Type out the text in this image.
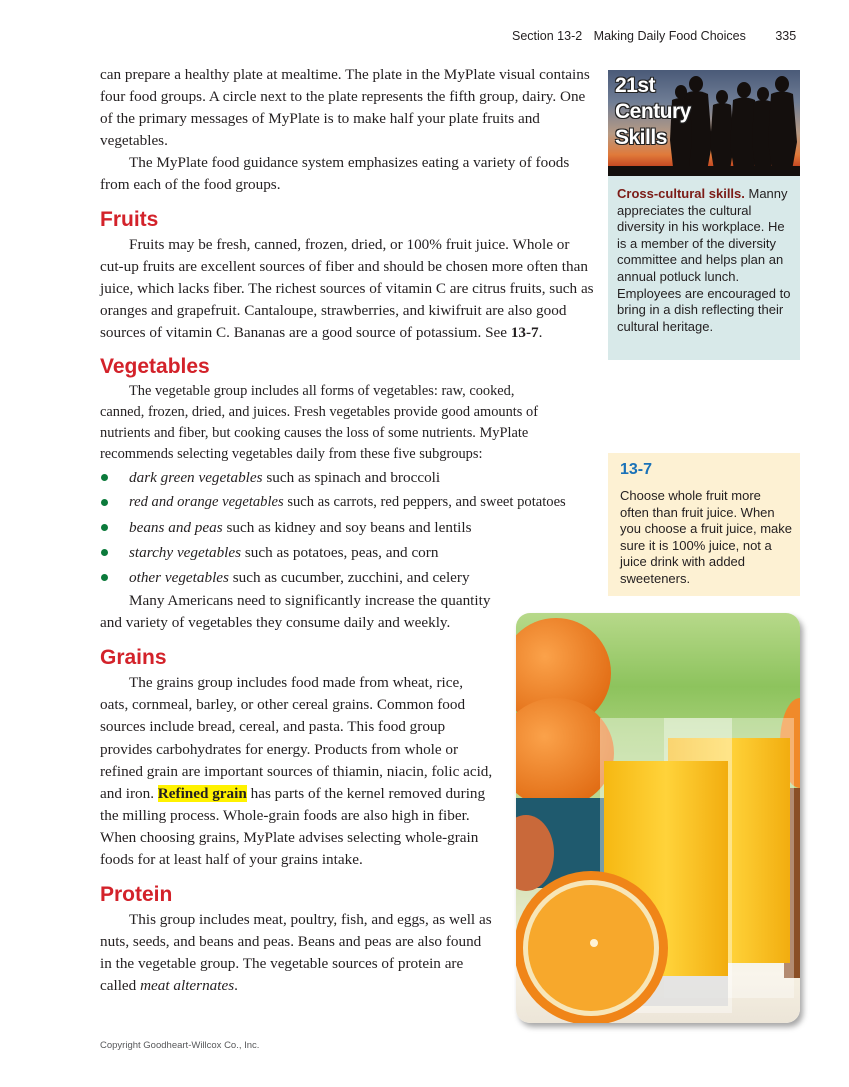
Section 13-2 Making Daily Food Choices 335

can prepare a healthy plate at mealtime. The plate in the MyPlate visual contains four food groups. A circle next to the plate represents the fifth group, dairy. One of the primary messages of MyPlate is to make half your plate fruits and vegetables.

The MyPlate food guidance system emphasizes eating a variety of foods from each of the food groups.

Fruits

Fruits may be fresh, canned, frozen, dried, or 100% fruit juice. Whole or cut-up fruits are excellent sources of fiber and should be chosen more often than juice, which lacks fiber. The richest sources of vitamin C are citrus fruits, such as oranges and grapefruit. Cantaloupe, strawberries, and kiwifruit are also good sources of vitamin C. Bananas are a good source of potassium. See 13-7.

Vegetables

The vegetable group includes all forms of vegetables: raw, cooked, canned, frozen, dried, and juices. Fresh vegetables provide good amounts of nutrients and fiber, but cooking causes the loss of some nutrients. MyPlate recommends selecting vegetables daily from these five subgroups:

dark green vegetables such as spinach and broccoli
red and orange vegetables such as carrots, red peppers, and sweet potatoes
beans and peas such as kidney and soy beans and lentils
starchy vegetables such as potatoes, peas, and corn
other vegetables such as cucumber, zucchini, and celery

Many Americans need to significantly increase the quantity and variety of vegetables they consume daily and weekly.

Grains

The grains group includes food made from wheat, rice, oats, cornmeal, barley, or other cereal grains. Common food sources include bread, cereal, and pasta. This food group provides carbohydrates for energy. Products from whole or refined grain are important sources of thiamin, niacin, folic acid, and iron. Refined grain has parts of the kernel removed during the milling process. Whole-grain foods are also high in fiber. When choosing grains, MyPlate advises selecting whole-grain foods for at least half of your grains intake.

Protein

This group includes meat, poultry, fish, and eggs, as well as nuts, seeds, and beans and peas. Beans and peas are also found in the vegetable group. The vegetable sources of protein are called meat alternates.

Copyright Goodheart-Willcox Co., Inc.
21st
Century
Skills
Cross-cultural skills. Manny appreciates the cultural diversity in his workplace. He is a member of the diversity committee and helps plan an annual potluck lunch. Employees are encouraged to bring in a dish reflecting their cultural heritage.
13-7
Choose whole fruit more often than fruit juice. When you choose a fruit juice, make sure it is 100% juice, not a juice drink with added sweeteners.
